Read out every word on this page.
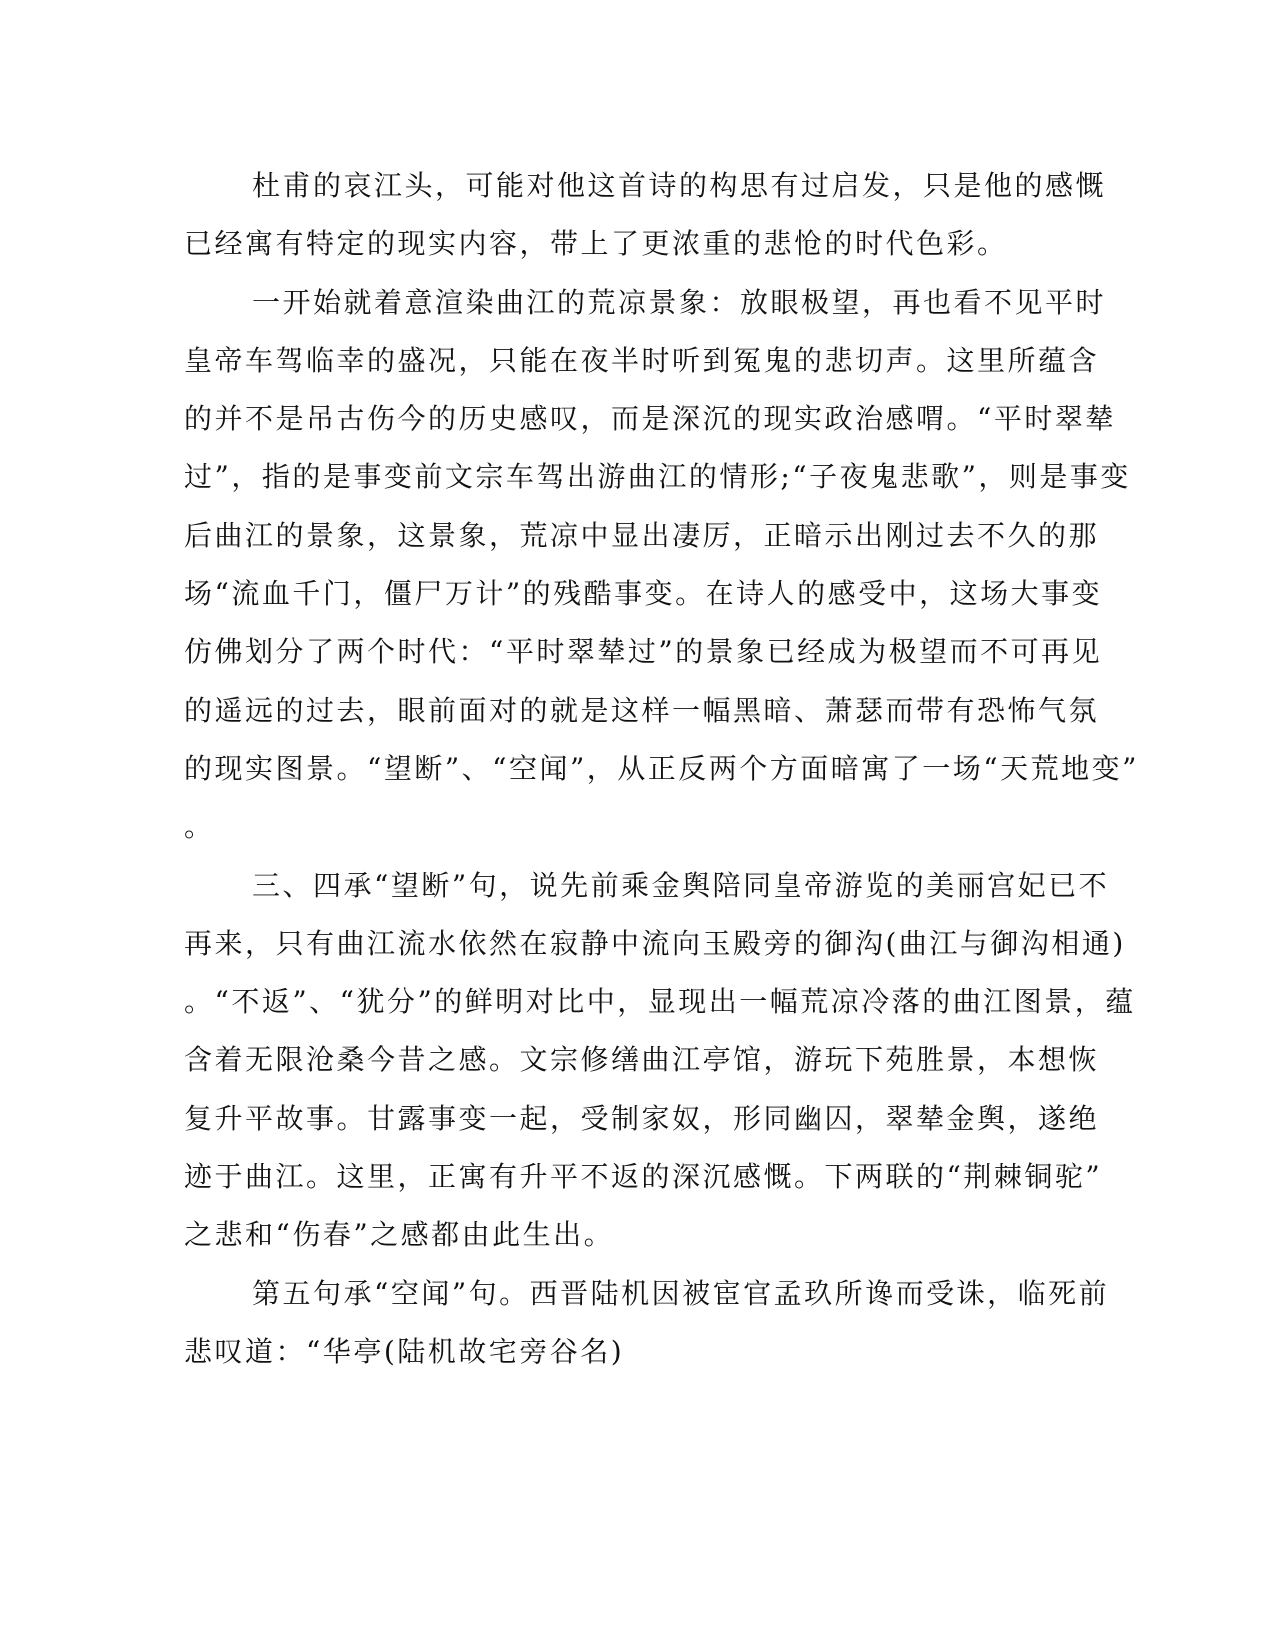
杜甫的哀江头，可能对他这首诗的构思有过启发，只是他的感慨
已经寓有特定的现实内容，带上了更浓重的悲怆的时代色彩。
一开始就着意渲染曲江的荒凉景象：放眼极望，再也看不见平时
皇帝车驾临幸的盛况，只能在夜半时听到冤鬼的悲切声。这里所蕴含
的并不是吊古伤今的历史感叹，而是深沉的现实政治感喟。“平时翠辇
过”，指的是事变前文宗车驾出游曲江的情形;“子夜鬼悲歌”，则是事变
后曲江的景象，这景象，荒凉中显出凄厉，正暗示出刚过去不久的那
场“流血千门，僵尸万计”的残酷事变。在诗人的感受中，这场大事变
仿佛划分了两个时代：“平时翠辇过”的景象已经成为极望而不可再见
的遥远的过去，眼前面对的就是这样一幅黑暗、萧瑟而带有恐怖气氛
的现实图景。“望断”、“空闻”，从正反两个方面暗寓了一场“天荒地变”
。
三、四承“望断”句，说先前乘金舆陪同皇帝游览的美丽宫妃已不
再来，只有曲江流水依然在寂静中流向玉殿旁的御沟(曲江与御沟相通)
。“不返”、“犹分”的鲜明对比中，显现出一幅荒凉冷落的曲江图景，蕴
含着无限沧桑今昔之感。文宗修缮曲江亭馆，游玩下苑胜景，本想恢
复升平故事。甘露事变一起，受制家奴，形同幽囚，翠辇金舆，遂绝
迹于曲江。这里，正寓有升平不返的深沉感慨。下两联的“荆棘铜驼”
之悲和“伤春”之感都由此生出。
第五句承“空闻”句。西晋陆机因被宦官孟玖所谗而受诛，临死前
悲叹道：“华亭(陆机故宅旁谷名)
